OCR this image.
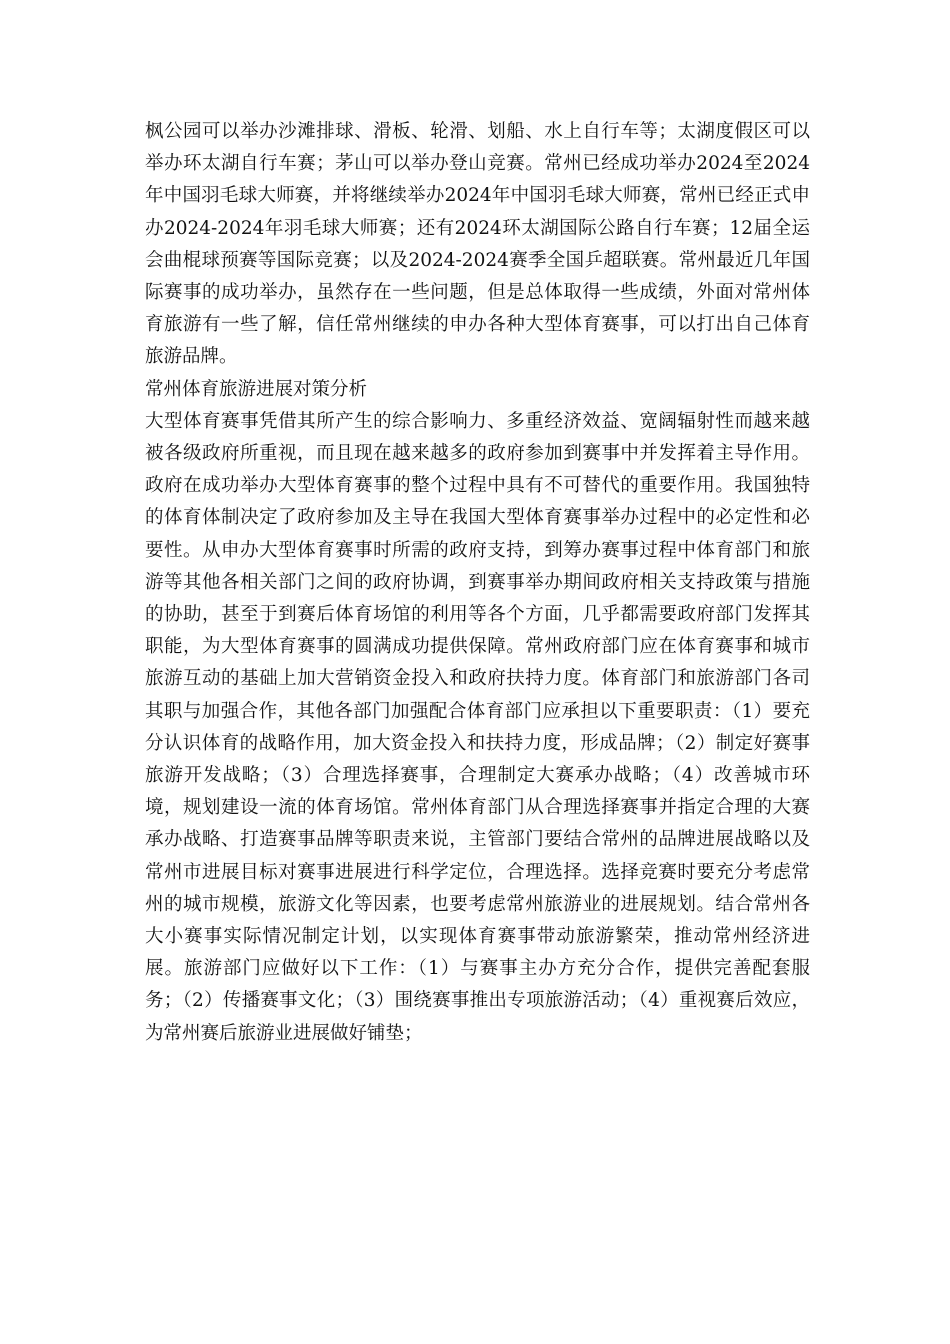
枫公园可以举办沙滩排球、滑板、轮滑、划船、水上自行车等；太湖度假区可以举办环太湖自行车赛；茅山可以举办登山竞赛。常州已经成功举办2024至2024年中国羽毛球大师赛，并将继续举办2024年中国羽毛球大师赛，常州已经正式申办2024-2024年羽毛球大师赛；还有2024环太湖国际公路自行车赛；12届全运会曲棍球预赛等国际竞赛；以及2024-2024赛季全国乒超联赛。常州最近几年国际赛事的成功举办，虽然存在一些问题，但是总体取得一些成绩，外面对常州体育旅游有一些了解，信任常州继续的申办各种大型体育赛事，可以打出自己体育旅游品牌。

常州体育旅游进展对策分析

大型体育赛事凭借其所产生的综合影响力、多重经济效益、宽阔辐射性而越来越被各级政府所重视，而且现在越来越多的政府参加到赛事中并发挥着主导作用。政府在成功举办大型体育赛事的整个过程中具有不可替代的重要作用。我国独特的体育体制决定了政府参加及主导在我国大型体育赛事举办过程中的必定性和必要性。从申办大型体育赛事时所需的政府支持，到筹办赛事过程中体育部门和旅游等其他各相关部门之间的政府协调，到赛事举办期间政府相关支持政策与措施的协助，甚至于到赛后体育场馆的利用等各个方面，几乎都需要政府部门发挥其职能，为大型体育赛事的圆满成功提供保障。常州政府部门应在体育赛事和城市旅游互动的基础上加大营销资金投入和政府扶持力度。体育部门和旅游部门各司其职与加强合作，其他各部门加强配合体育部门应承担以下重要职责：（1）要充分认识体育的战略作用，加大资金投入和扶持力度，形成品牌；（2）制定好赛事旅游开发战略；（3）合理选择赛事，合理制定大赛承办战略；（4）改善城市环境，规划建设一流的体育场馆。常州体育部门从合理选择赛事并指定合理的大赛承办战略、打造赛事品牌等职责来说，主管部门要结合常州的品牌进展战略以及常州市进展目标对赛事进展进行科学定位，合理选择。选择竞赛时要充分考虑常州的城市规模，旅游文化等因素，也要考虑常州旅游业的进展规划。结合常州各大小赛事实际情况制定计划，以实现体育赛事带动旅游繁荣，推动常州经济进展。旅游部门应做好以下工作：（1）与赛事主办方充分合作，提供完善配套服务；（2）传播赛事文化；（3）围绕赛事推出专项旅游活动；（4）重视赛后效应，为常州赛后旅游业进展做好铺垫；
